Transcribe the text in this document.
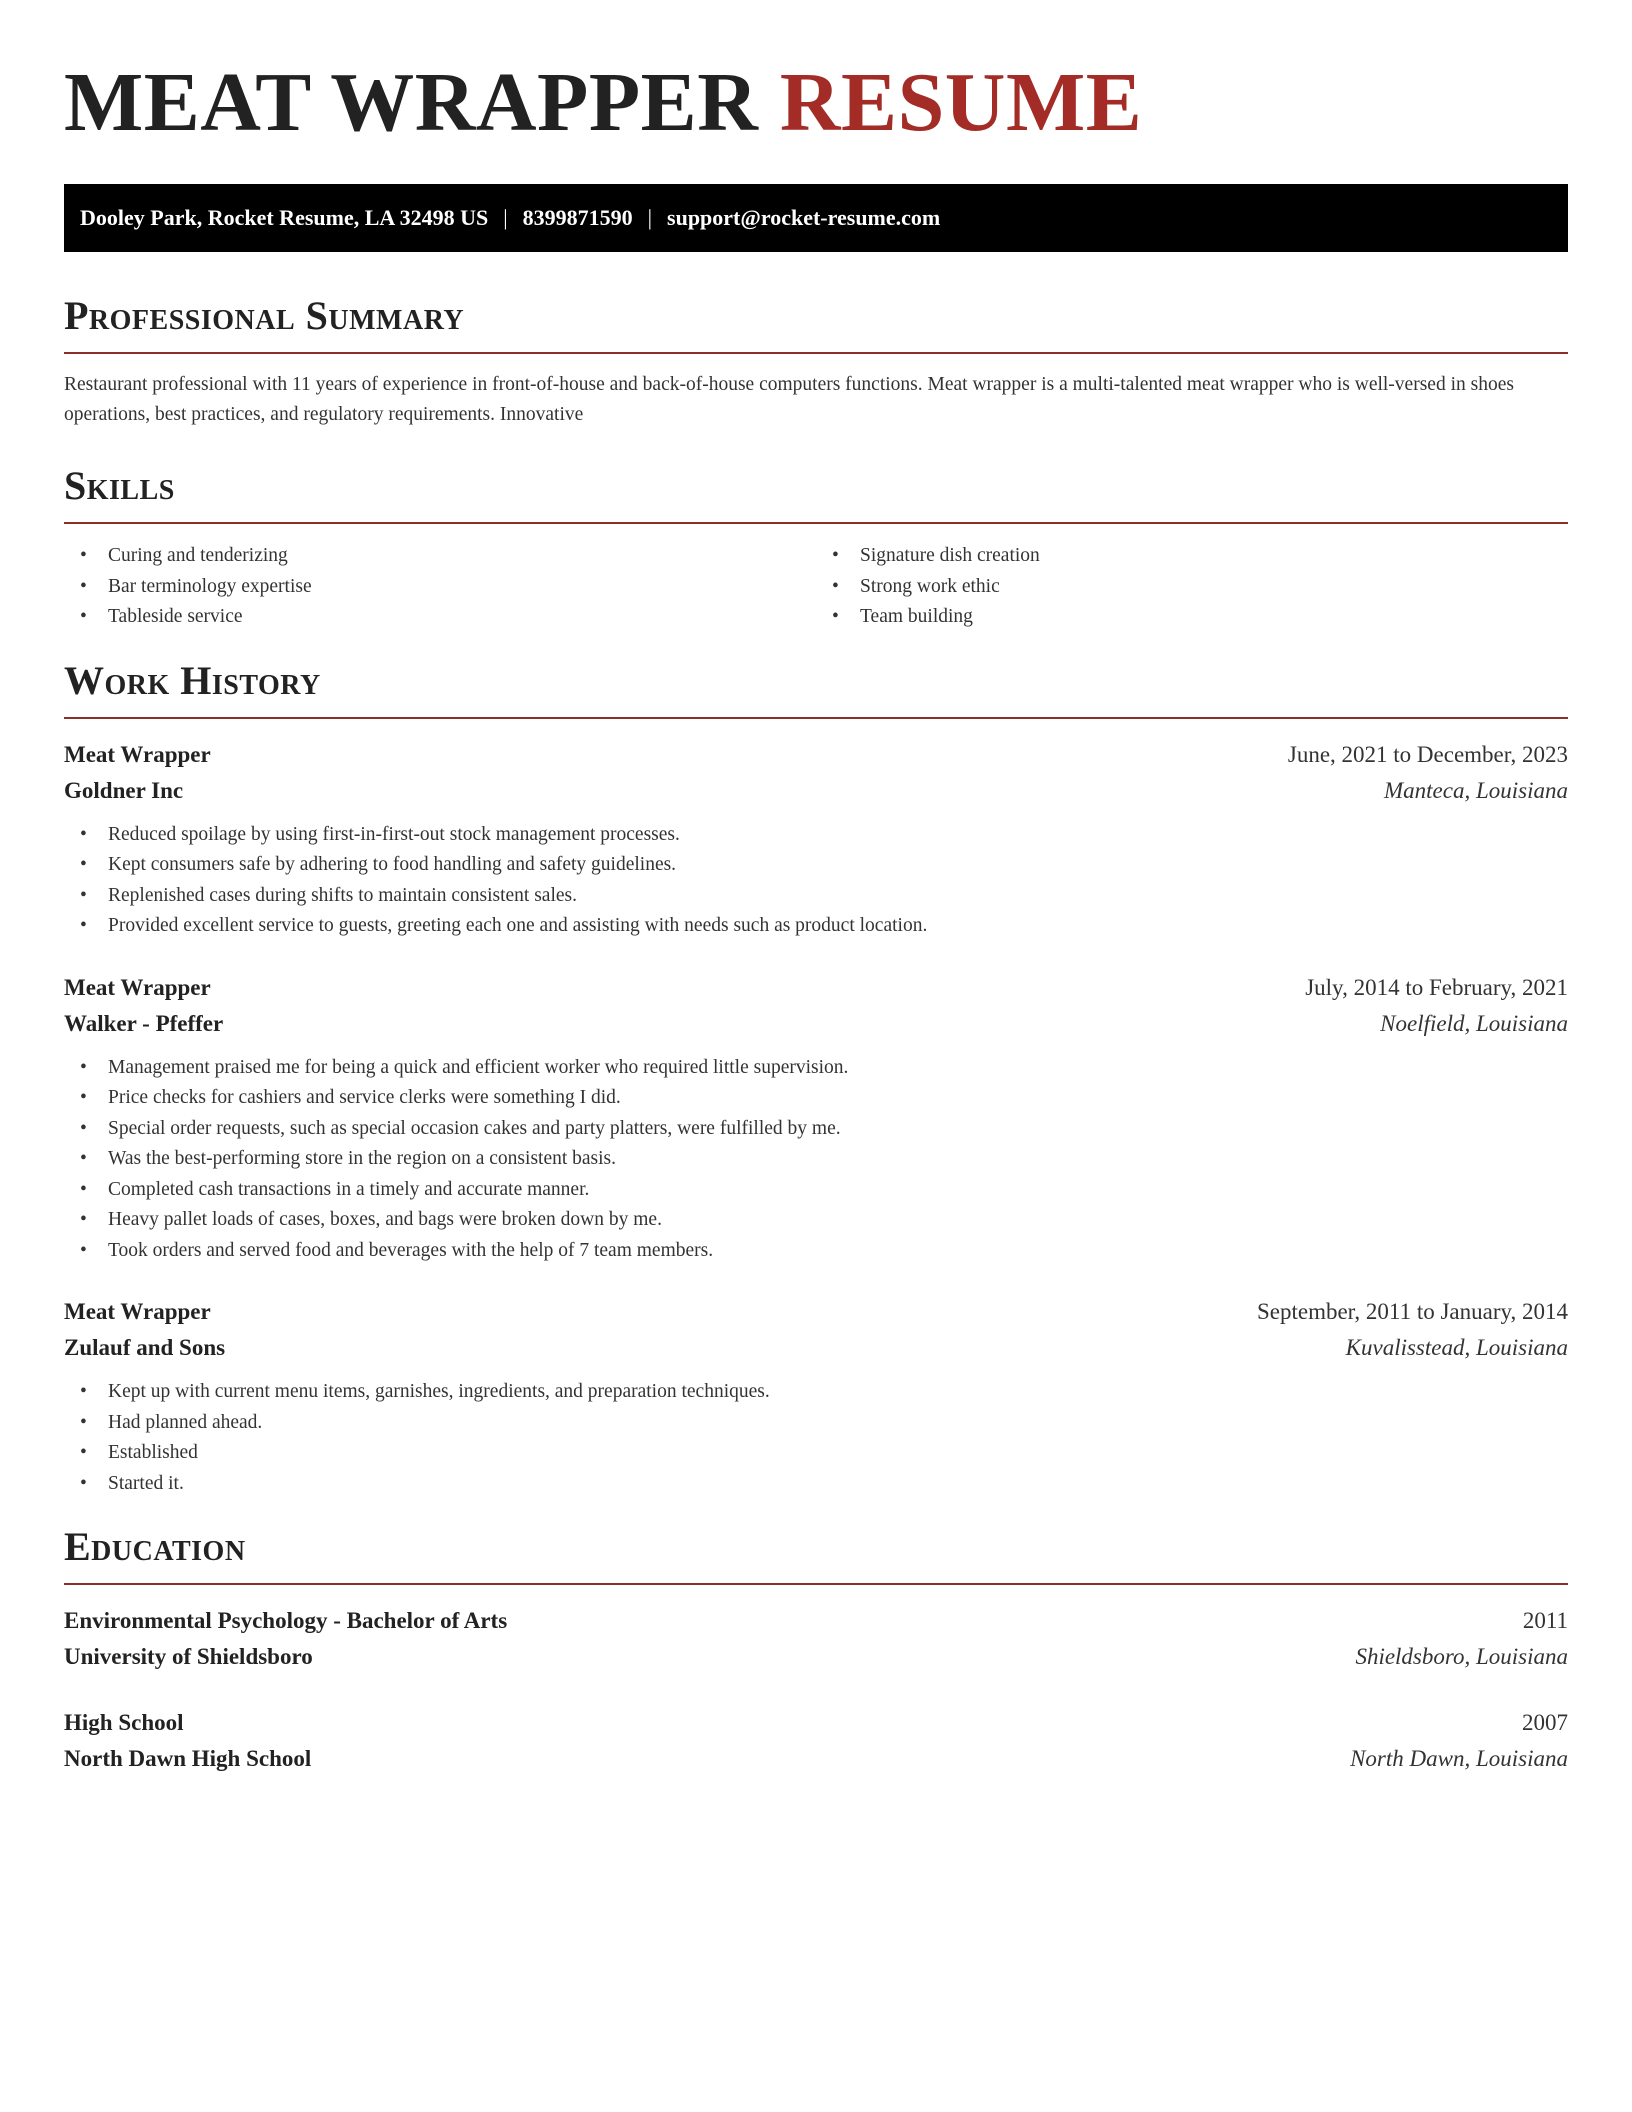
MEAT WRAPPER RESUME
Dooley Park, Rocket Resume, LA 32498 US | 8399871590 | support@rocket-resume.com
Professional Summary

Restaurant professional with 11 years of experience in front-of-house and back-of-house computers functions. Meat wrapper is a multi-talented meat wrapper who is well-versed in shoes operations, best practices, and regulatory requirements. Innovative

Skills
• Curing and tenderizing
• Bar terminology expertise
• Tableside service
• Signature dish creation
• Strong work ethic
• Team building
Work History
Meat Wrapper	June, 2021 to December, 2023
Goldner Inc	Manteca, Louisiana
• Reduced spoilage by using first-in-first-out stock management processes.
• Kept consumers safe by adhering to food handling and safety guidelines.
• Replenished cases during shifts to maintain consistent sales.
• Provided excellent service to guests, greeting each one and assisting with needs such as product location.
Meat Wrapper	July, 2014 to February, 2021
Walker - Pfeffer	Noelfield, Louisiana
• Management praised me for being a quick and efficient worker who required little supervision.
• Price checks for cashiers and service clerks were something I did.
• Special order requests, such as special occasion cakes and party platters, were fulfilled by me.
• Was the best-performing store in the region on a consistent basis.
• Completed cash transactions in a timely and accurate manner.
• Heavy pallet loads of cases, boxes, and bags were broken down by me.
• Took orders and served food and beverages with the help of 7 team members.
Meat Wrapper	September, 2011 to January, 2014
Zulauf and Sons	Kuvalisstead, Louisiana
• Kept up with current menu items, garnishes, ingredients, and preparation techniques.
• Had planned ahead.
• Established
• Started it.
Education
Environmental Psychology - Bachelor of Arts	2011
University of Shieldsboro	Shieldsboro, Louisiana
High School	2007
North Dawn High School	North Dawn, Louisiana
